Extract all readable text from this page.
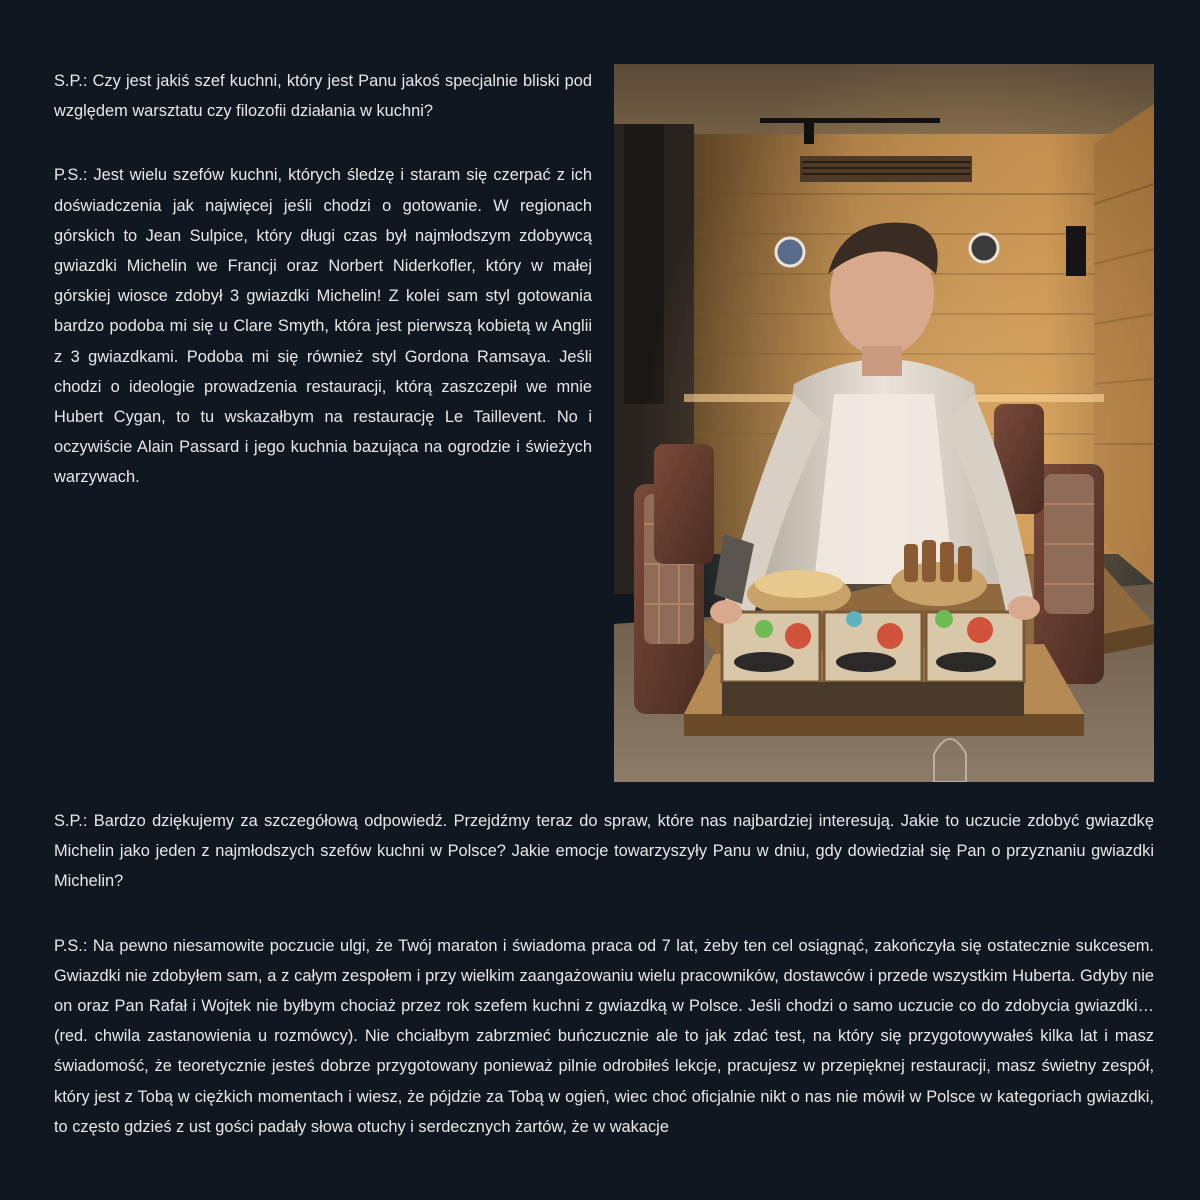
S.P.: Czy jest jakiś szef kuchni, który jest Panu jakoś specjalnie bliski pod względem warsztatu czy filozofii działania w kuchni?

P.S.: Jest wielu szefów kuchni, których śledzę i staram się czerpać z ich doświadczenia jak najwięcej jeśli chodzi o gotowanie. W regionach górskich to Jean Sulpice, który długi czas był najmłodszym zdobywcą gwiazdki Michelin we Francji oraz Norbert Niderkofler, który w małej górskiej wiosce zdobył 3 gwiazdki Michelin! Z kolei sam styl gotowania bardzo podoba mi się u Clare Smyth, która jest pierwszą kobietą w Anglii z 3 gwiazdkami. Podoba mi się również styl Gordona Ramsaya. Jeśli chodzi o ideologie prowadzenia restauracji, którą zaszczepił we mnie Hubert Cygan, to tu wskazałbym na restaurację Le Taillevent. No i oczywiście Alain Passard i jego kuchnia bazująca na ogrodzie i świeżych warzywach.

S.P.: Bardzo dziękujemy za szczegółową odpowiedź. Przejdźmy teraz do spraw, które nas najbardziej interesują. Jakie to uczucie zdobyć gwiazdkę Michelin jako jeden z najmłodszych szefów kuchni w Polsce? Jakie emocje towarzyszyły Panu w dniu, gdy dowiedział się Pan o przyznaniu gwiazdki Michelin?

P.S.: Na pewno niesamowite poczucie ulgi, że Twój maraton i świadoma praca od 7 lat, żeby ten cel osiągnąć, zakończyła się ostatecznie sukcesem. Gwiazdki nie zdobyłem sam, a z całym zespołem i przy wielkim zaangażowaniu wielu pracowników, dostawców i przede wszystkim Huberta. Gdyby nie on oraz Pan Rafał i Wojtek nie byłbym chociaż przez rok szefem kuchni z gwiazdką w Polsce. Jeśli chodzi o samo uczucie co do zdobycia gwiazdki… (red. chwila zastanowienia u rozmówcy). Nie chciałbym zabrzmieć buńczucznie ale to jak zdać test, na który się przygotowywałeś kilka lat i masz świadomość, że teoretycznie jesteś dobrze przygotowany ponieważ pilnie odrobiłeś lekcje, pracujesz w przepięknej restauracji, masz świetny zespół, który jest z Tobą w ciężkich momentach i wiesz, że pójdzie za Tobą w ogień, wiec choć oficjalnie nikt o nas nie mówił w Polsce w kategoriach gwiazdki, to często gdzieś z ust gości padały słowa otuchy i serdecznych żartów, że w wakacje
